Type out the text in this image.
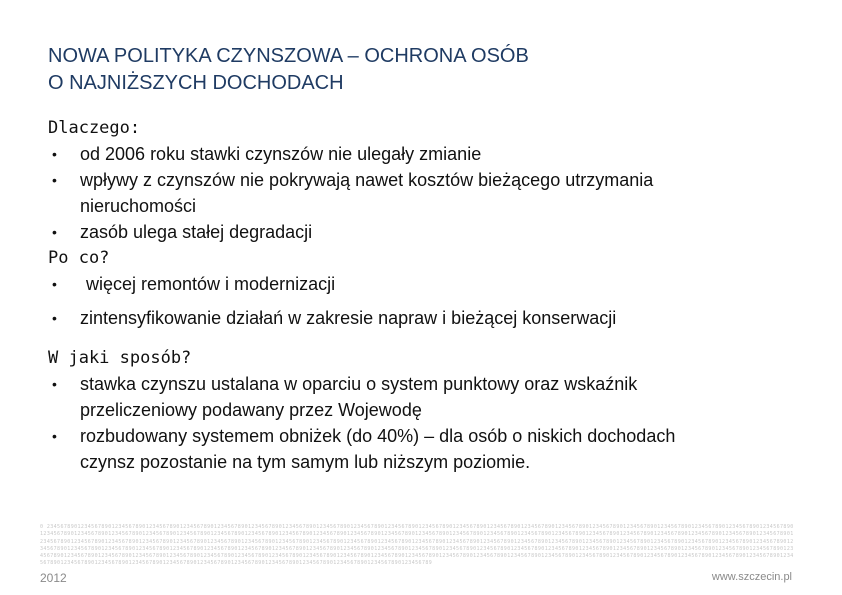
NOWA POLITYKA CZYNSZOWA – OCHRONA OSÓB
O NAJNIŻSZYCH DOCHODACH
Dlaczego:
• od 2006 roku stawki czynszów nie ulegały zmianie
• wpływy z czynszów nie pokrywają nawet kosztów bieżącego utrzymania
nieruchomości
• zasób ulega stałej degradacji
Po co?
• więcej remontów i modernizacji
• zintensyfikowanie działań w zakresie napraw i bieżącej konserwacji
W jaki sposób?
• stawka czynszu ustalana w oparciu o system punktowy oraz wskaźnik
przeliczeniowy podawany przez Wojewodę
• rozbudowany systemem obniżek (do 40%) – dla osób o niskich dochodach
czynsz pozostanie na tym samym lub niższym poziomie.
0 234567890123456789012345678901234567890123456789012345678901234567890123456789012345678901234567890123456789012345678901234567890123456789012345678901234567890123456789012345678901234567890123456789012345678901234567890123456789012345678901234567890123456789012345678901234567890123456789012345678901234567890123456789012345678901234567890123456789012345678901234567890123456789012345678901234567890123456789012345678901234567890123456789012345678901234567890123456789012345678901234567890123456789012345678901234567890123456789012345678901234567890123456789012345678901234567890123456789012345678901234567890123456789012345678901234567890123456789012345678901234567890123456789012345678901234567890123456789012345678901234567890123456789012345678901234567890123456789012345678901234567890123456789012345678901234567890123456789012345678901234567890123456789012345678901234567890123456789012345678901234567890123456789012345678901234567890123456789012345678901234567890123456789012345678901234567890123456789012345678901234567890123456789012345678901234567890123456789012345678901234567890123456789012345678901234567890123456789012345678901234567890123456789012345678901234567890123456789012345678901234567890123456789
2012	www.szczecin.pl
